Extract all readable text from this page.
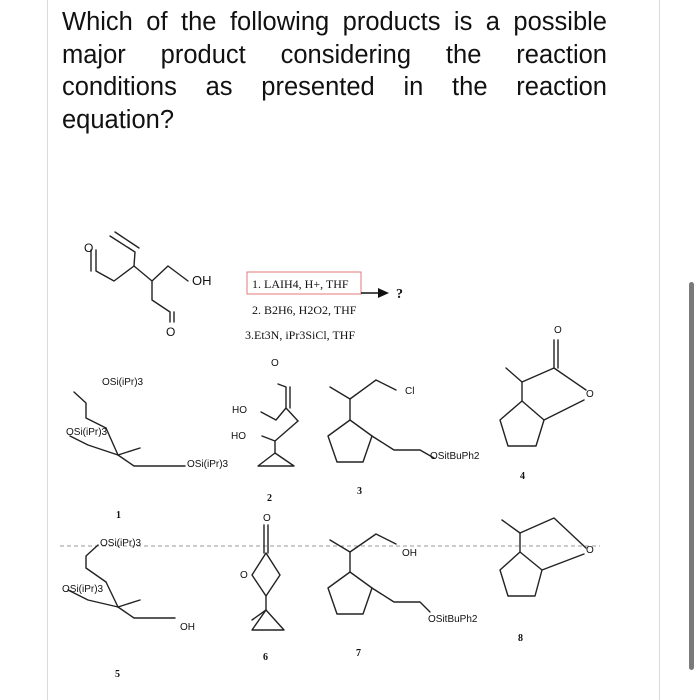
Which of the following products is a possible major product considering the reaction conditions as presented in the reaction equation?

O
OH
O
1. LAIH4, H+, THF
?
2. B2H6, H2O2, THF
3.Et3N, iPr3SiCl, THF
OSi(iPr)3
OSi(iPr)3
OSi(iPr)3
1
O
HO
HO
2
Cl
OSitBuPh2
3
O
O
4
OSi(iPr)3
OSi(iPr)3
OH
5
O
O
6
OH
OSitBuPh2
7
O
8
